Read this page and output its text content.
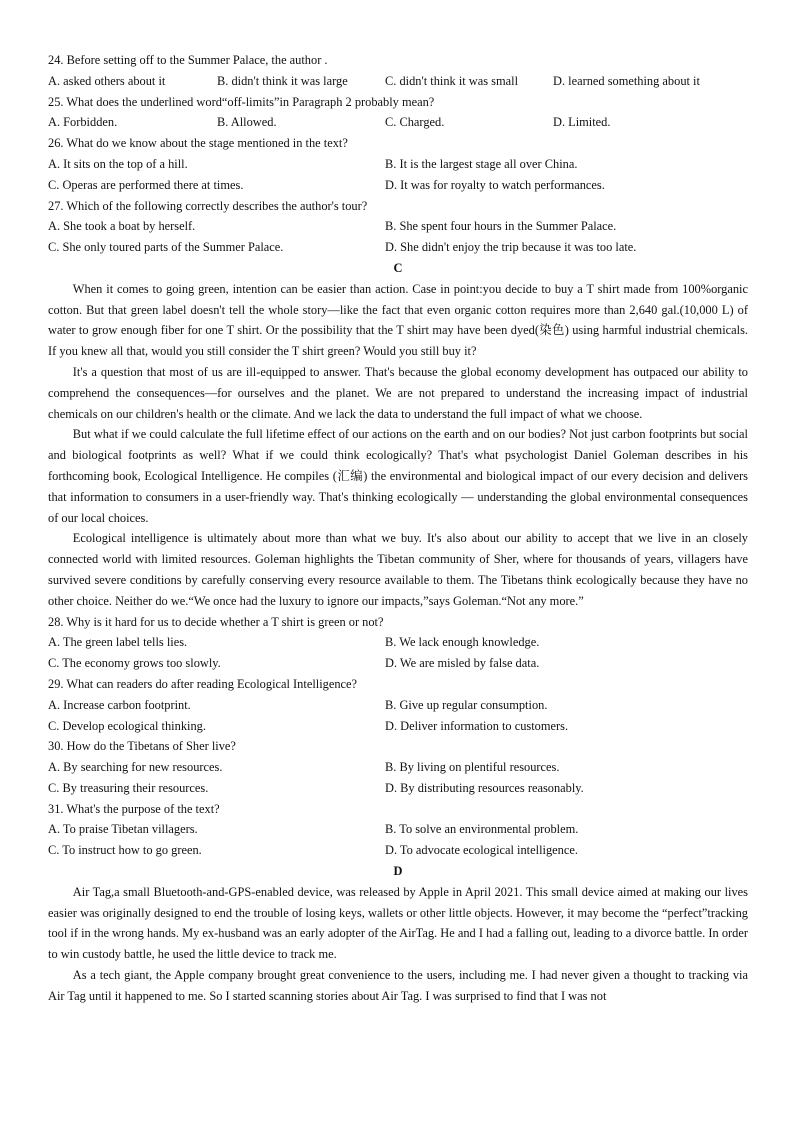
24. Before setting off to the Summer Palace, the author .
A. asked others about it	B. didn't think it was large	C. didn't think it was small	D. learned something about it
25. What does the underlined word“off-limits”in Paragraph 2 probably mean?
A. Forbidden.	B. Allowed.	C. Charged.	D. Limited.
26. What do we know about the stage mentioned in the text?
A. It sits on the top of a hill.	B. It is the largest stage all over China.
C. Operas are performed there at times.	D. It was for royalty to watch performances.
27. Which of the following correctly describes the author's tour?
A. She took a boat by herself.	B. She spent four hours in the Summer Palace.
C. She only toured parts of the Summer Palace.	D. She didn't enjoy the trip because it was too late.
C

When it comes to going green, intention can be easier than action. Case in point:you decide to buy a T shirt made from 100%organic cotton. But that green label doesn't tell the whole story—like the fact that even organic cotton requires more than 2,640 gal.(10,000 L) of water to grow enough fiber for one T shirt. Or the possibility that the T shirt may have been dyed(染色) using harmful industrial chemicals. If you knew all that, would you still consider the T shirt green? Would you still buy it?

It's a question that most of us are ill-equipped to answer. That's because the global economy development has outpaced our ability to comprehend the consequences—for ourselves and the planet. We are not prepared to understand the increasing impact of industrial chemicals on our children's health or the climate. And we lack the data to understand the full impact of what we choose.

But what if we could calculate the full lifetime effect of our actions on the earth and on our bodies? Not just carbon footprints but social and biological footprints as well? What if we could think ecologically? That's what psychologist Daniel Goleman describes in his forthcoming book, Ecological Intelligence. He compiles (汇编) the environmental and biological impact of our every decision and delivers that information to consumers in a user-friendly way. That's thinking ecologically — understanding the global environmental consequences of our local choices.

Ecological intelligence is ultimately about more than what we buy. It's also about our ability to accept that we live in an closely connected world with limited resources. Goleman highlights the Tibetan community of Sher, where for thousands of years, villagers have survived severe conditions by carefully conserving every resource available to them. The Tibetans think ecologically because they have no other choice. Neither do we.“We once had the luxury to ignore our impacts,”says Goleman.“Not any more.”

28. Why is it hard for us to decide whether a T shirt is green or not?
A. The green label tells lies.	B. We lack enough knowledge.
C. The economy grows too slowly.	D. We are misled by false data.
29. What can readers do after reading Ecological Intelligence?
A. Increase carbon footprint.	B. Give up regular consumption.
C. Develop ecological thinking.	D. Deliver information to customers.
30. How do the Tibetans of Sher live?
A. By searching for new resources.	B. By living on plentiful resources.
C. By treasuring their resources.	D. By distributing resources reasonably.
31. What's the purpose of the text?
A. To praise Tibetan villagers.	B. To solve an environmental problem.
C. To instruct how to go green.	D. To advocate ecological intelligence.
D

Air Tag,a small Bluetooth-and-GPS-enabled device, was released by Apple in April 2021. This small device aimed at making our lives easier was originally designed to end the trouble of losing keys, wallets or other little objects. However, it may become the “perfect”tracking tool if in the wrong hands. My ex-husband was an early adopter of the AirTag. He and I had a falling out, leading to a divorce battle. In order to win custody battle, he used the little device to track me.

As a tech giant, the Apple company brought great convenience to the users, including me. I had never given a thought to tracking via Air Tag until it happened to me. So I started scanning stories about Air Tag. I was surprised to find that I was not
